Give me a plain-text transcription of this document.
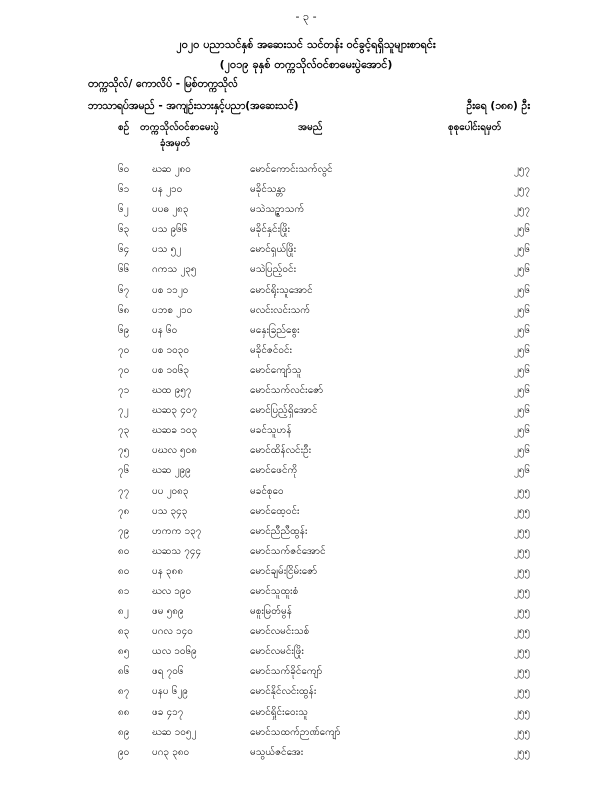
- ၃ -
၂၀၂၀ ပညာသင်နှစ် အဆေးသင် သင်တန်း ဝင်ခွင့်ရရှိသူများစာရင်း
(၂၀၁၉ ခုနှစ် တက္ကသိုလ်ဝင်စာမေးပွဲအောင်)
တက္ကသိုလ်/ ကောလိပ် - မြစ်တက္ကသိုလ်
ဘာသာရပ်အမည် - အကျဉ်းသားနှင့်ပညာ(အဆေးသင်)	ဦးရေ (၁၈၈) ဦး
စဉ် တက္ကသိုလ်ဝင်စာမေးပွဲ
ခုံအမှတ်
အမည်	စုစုပေါင်းရမှတ်
၆၀ ဃဆ ၂၈၀	မောင်ကောင်းသက်လွင်	၂၅၇
၆၁ ပန ၂၁၀	မခိုင်သန္တာ	၂၅၇
၆၂ ပပဓ ၂၈၃	မသဲသဉ္ဇာသက်	၂၅၇
၆၃ ပသ ၉၆၆	မခိုင်နှင်းဖြိုး	၂၅၆
၆၄ ပသ ၅၂	မောင်ရှယ်ဖြိုး	၂၅၆
၆၆ ဂကသ ၂၃၅	မသဲပြည့်ဝင်း	၂၅၆
၆၇ ပစ ၁၁၂၀	မောင်ရိုးသူအောင်	၂၅၆
၆၈ ပဘစ ၂၁၀	မလင်းလင်းသက်	၂၅၆
၆၉ ပန ၆၀	မနှေးခြည်စွေး	၂၅၆
၇၀ ပစ ၁၀၃၀	မခိုင်ဇင်ဝင်း	၂၅၆
၇၀ ပစ ၁၀၆၃	မောင်ကျော်သူ	၂၅၆
၇၁ ဃထ ၉၅၇	မောင်သက်လင်းဇော်	၂၅၆
၇၂ ဃဆ၃ ၄၀၇	မောင်ပြည့်ရှိအောင်	၂၅၆
၇၃ ဃဆခ ၁၀၃	မခင်သူဟန်	၂၅၆
၇၅ ပဃလ ၅၀၈	မောင်ထိန်လင်းဦး	၂၅၆
၇၆ ဃဆ ၂၉၉	မောင်ဖေင်ကို	၂၅၆
၇၇ ပပ ၂၀၈၃	မခင်စုဝေ	၂၅၅
၇၈ ပသ ၃၄၃	မောင်ထေ့ဝင်း	၂၅၅
၇၉ ဟကက ၁၃၇	မောင်ညီညီထွန်း	၂၅၅
၈၀ ဃဆသ ၇၄၄	မောင်သက်ဇင်အောင်	၂၅၅
၈၀ ပန ၃၈၈	မောင်ချမ်းငြိမ်းဇော်	၂၅၅
၈၁ ဃလ ၁၉၀	မောင်သူထူးစံ	၂၅၅
၈၂ ဖမ ၅၈၉	မစူးမြတ်မွန်	၂၅၅
၈၃ ပဂလ ၁၄၀	မောင်လမင်းသစ်	၂၅၅
၈၅ ယလ ၁၀၆၉	မောင်လမင်းဖြိုး	၂၅၅
၈၆ ဖရ ၇၀၆	မောင်သက်ခိုင်ကျော်	၂၅၅
၈၇ ပနပ ၆၂၉	မောင်နိုင်လင်းထွန်း	၂၅၅
၈၈ ဖခ ၄၁၇	မောင်ရှိုင်းဝေးသူ	၂၅၅
၈၉ ဃဆ ၁၀၅၂	မောင်သထက်ဉာဏ်ကျော်	၂၅၅
၉၀ ပဂ၃ ၃၈၀	မသွယ်ဇင်အေး	၂၅၅
